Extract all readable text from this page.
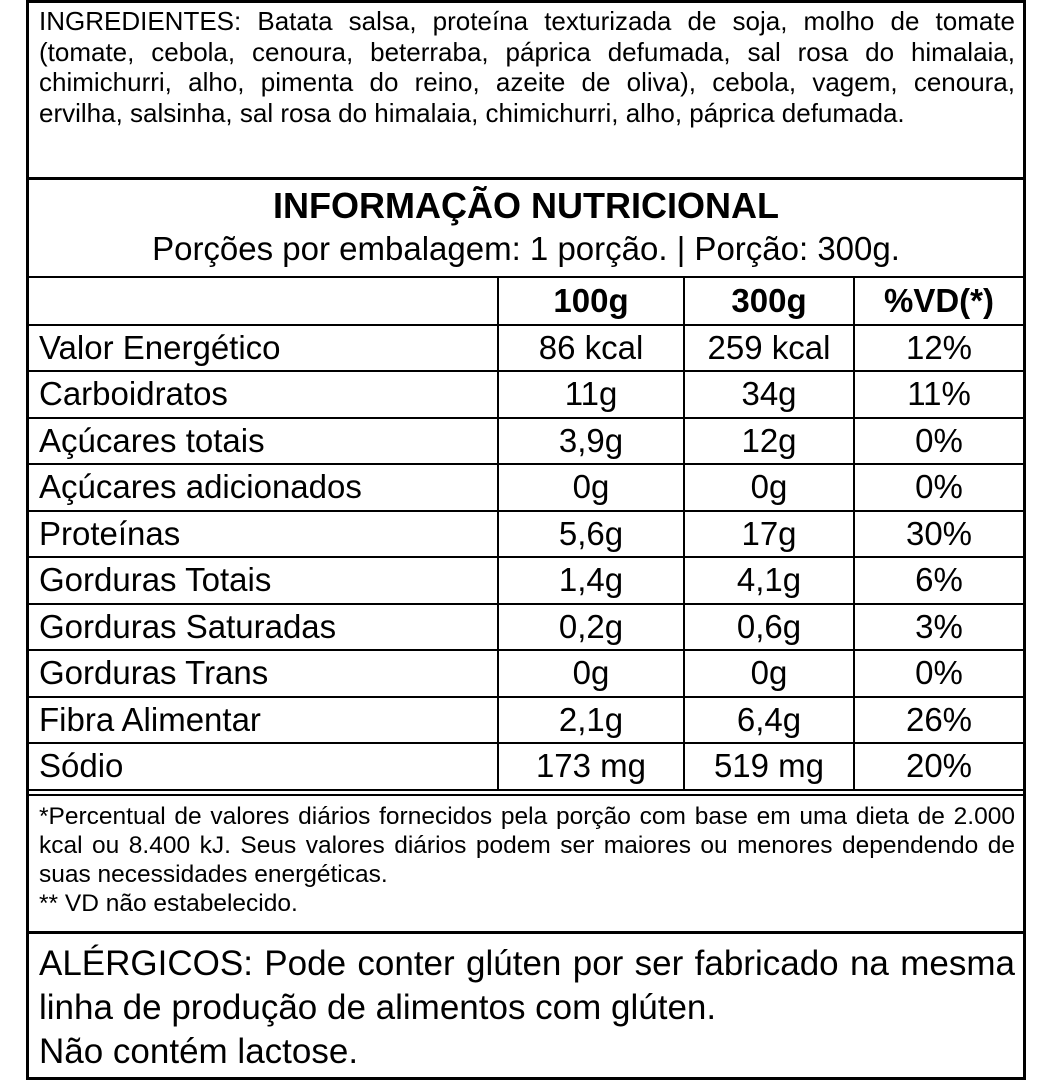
INGREDIENTES: Batata salsa, proteína texturizada de soja, molho de tomate (tomate, cebola, cenoura, beterraba, páprica defumada, sal rosa do himalaia, chimichurri, alho, pimenta do reino, azeite de oliva), cebola, vagem, cenoura, ervilha, salsinha, sal rosa do himalaia, chimichurri, alho, páprica defumada.
INFORMAÇÃO NUTRICIONAL
Porções por embalagem: 1 porção. | Porção: 300g.
	100g	300g	%VD(*)
Valor Energético	86 kcal	259 kcal	12%
Carboidratos	11g	34g	11%
Açúcares totais	3,9g	12g	0%
Açúcares adicionados	0g	0g	0%
Proteínas	5,6g	17g	30%
Gorduras Totais	1,4g	4,1g	6%
Gorduras Saturadas	0,2g	0,6g	3%
Gorduras Trans	0g	0g	0%
Fibra Alimentar	2,1g	6,4g	26%
Sódio	173 mg	519 mg	20%

*Percentual de valores diários fornecidos pela porção com base em uma dieta de 2.000 kcal ou 8.400 kJ. Seus valores diários podem ser maiores ou menores dependendo de suas necessidades energéticas.

** VD não estabelecido.

ALÉRGICOS: Pode conter glúten por ser fabricado na mesma linha de produção de alimentos com glúten.

Não contém lactose.
